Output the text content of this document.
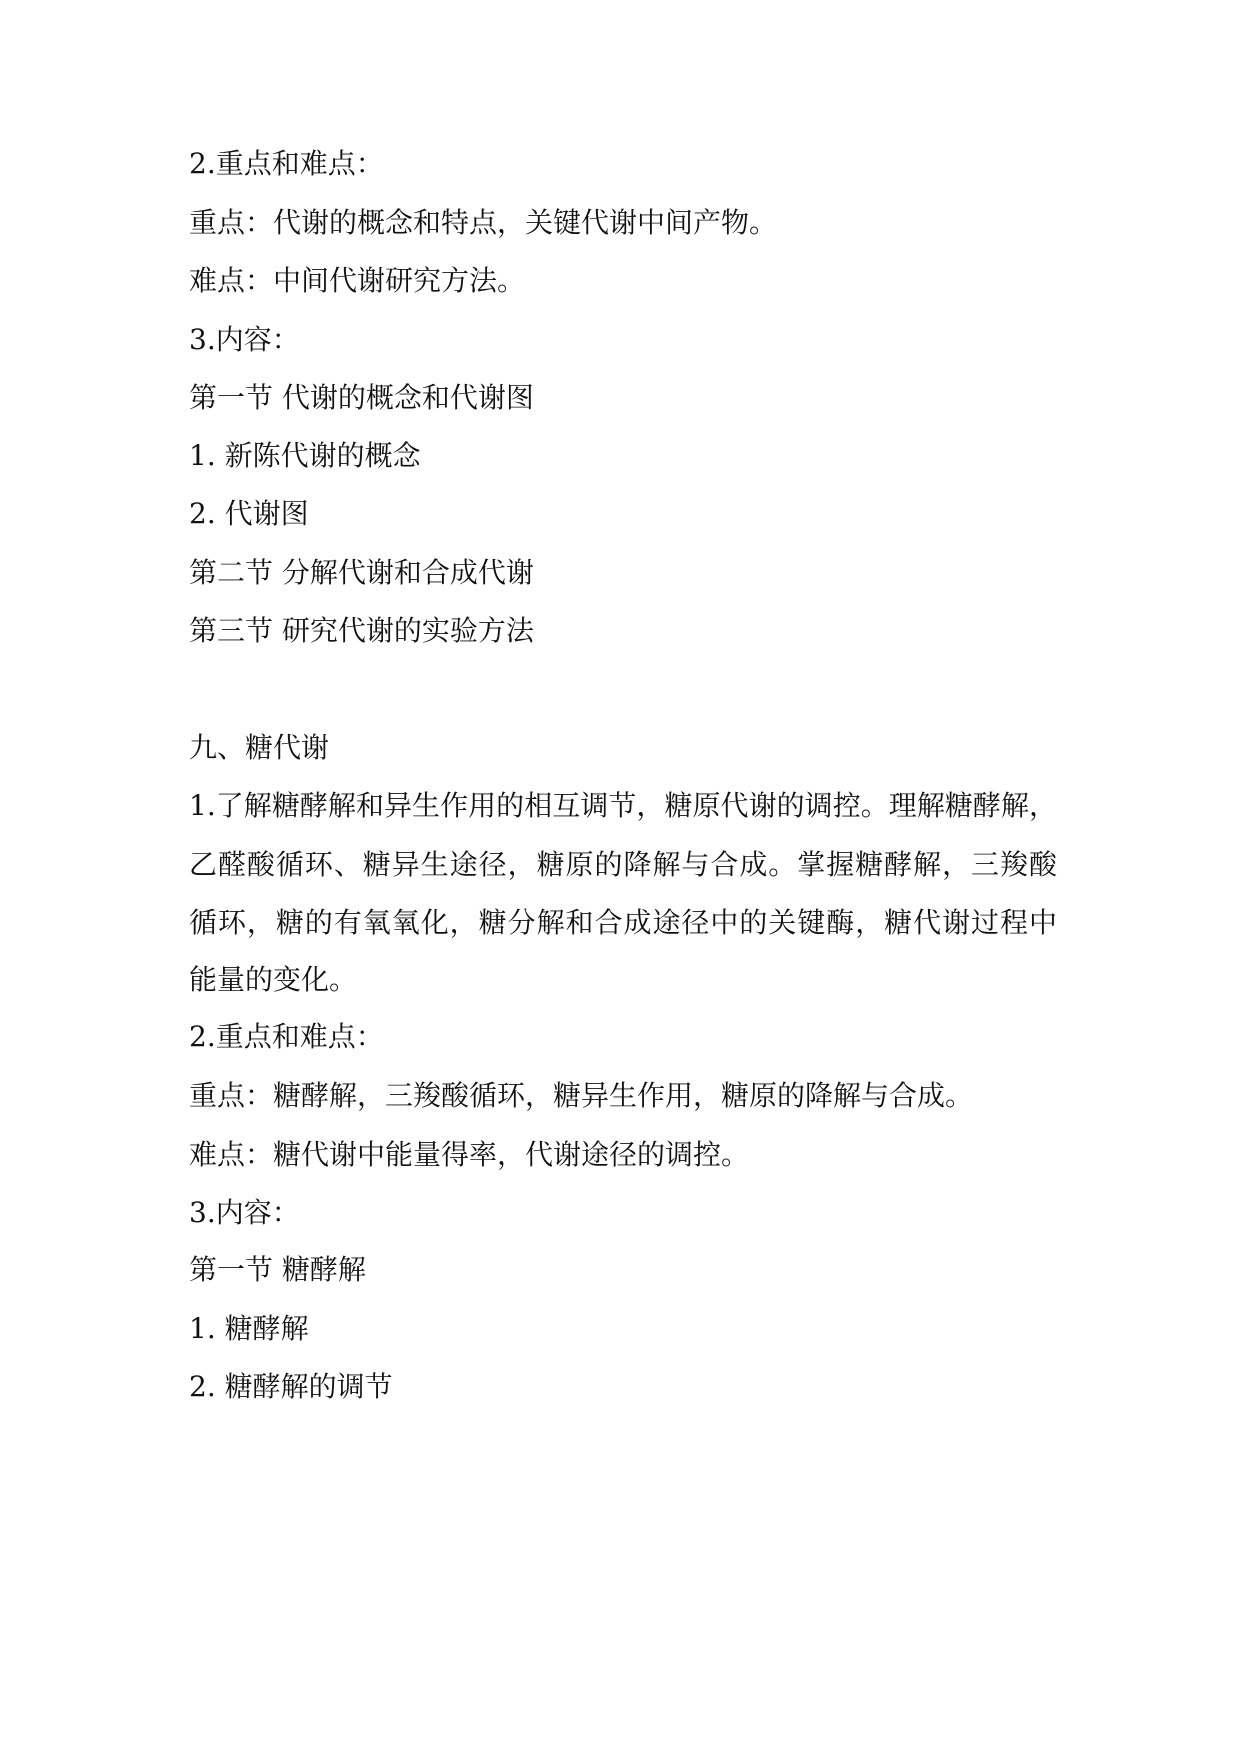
2.重点和难点：
重点：代谢的概念和特点，关键代谢中间产物。
难点：中间代谢研究方法。
3.内容：
第一节 代谢的概念和代谢图
1. 新陈代谢的概念
2. 代谢图
第二节 分解代谢和合成代谢
第三节 研究代谢的实验方法
九、糖代谢
1.了解糖酵解和异生作用的相互调节，糖原代谢的调控。理解糖酵解，
乙醛酸循环、糖异生途径，糖原的降解与合成。掌握糖酵解，三羧酸
循环，糖的有氧氧化，糖分解和合成途径中的关键酶，糖代谢过程中
能量的变化。
2.重点和难点：
重点：糖酵解，三羧酸循环，糖异生作用，糖原的降解与合成。
难点：糖代谢中能量得率，代谢途径的调控。
3.内容：
第一节 糖酵解
1. 糖酵解
2. 糖酵解的调节
